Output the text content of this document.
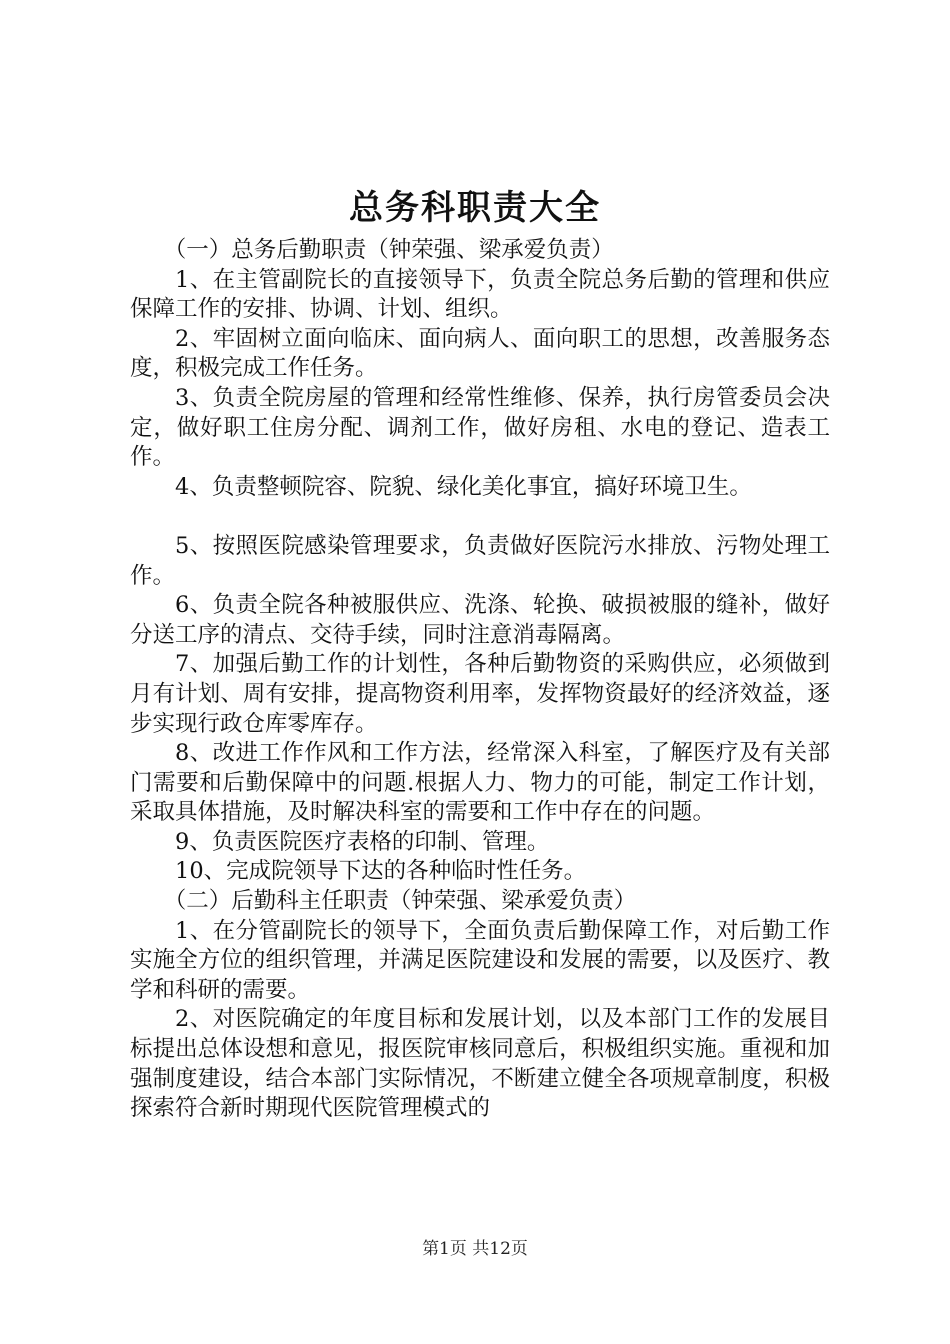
总务科职责大全

（一）总务后勤职责（钟荣强、梁承爱负责）

1、在主管副院长的直接领导下，负责全院总务后勤的管理和供应保障工作的安排、协调、计划、组织。

2、牢固树立面向临床、面向病人、面向职工的思想，改善服务态度，积极完成工作任务。

3、负责全院房屋的管理和经常性维修、保养，执行房管委员会决定，做好职工住房分配、调剂工作，做好房租、水电的登记、造表工作。

4、负责整顿院容、院貌、绿化美化事宜，搞好环境卫生。

5、按照医院感染管理要求，负责做好医院污水排放、污物处理工作。

6、负责全院各种被服供应、洗涤、轮换、破损被服的缝补，做好分送工序的清点、交待手续，同时注意消毒隔离。

7、加强后勤工作的计划性，各种后勤物资的采购供应，必须做到月有计划、周有安排，提高物资利用率，发挥物资最好的经济效益，逐步实现行政仓库零库存。

8、改进工作作风和工作方法，经常深入科室，了解医疗及有关部门需要和后勤保障中的问题.根据人力、物力的可能，制定工作计划，采取具体措施，及时解决科室的需要和工作中存在的问题。

9、负责医院医疗表格的印制、管理。

10、完成院领导下达的各种临时性任务。

（二）后勤科主任职责（钟荣强、梁承爱负责）

1、在分管副院长的领导下，全面负责后勤保障工作，对后勤工作实施全方位的组织管理，并满足医院建设和发展的需要，以及医疗、教学和科研的需要。

2、对医院确定的年度目标和发展计划，以及本部门工作的发展目标提出总体设想和意见，报医院审核同意后，积极组织实施。重视和加强制度建设，结合本部门实际情况，不断建立健全各项规章制度，积极探索符合新时期现代医院管理模式的

第1页 共12页
